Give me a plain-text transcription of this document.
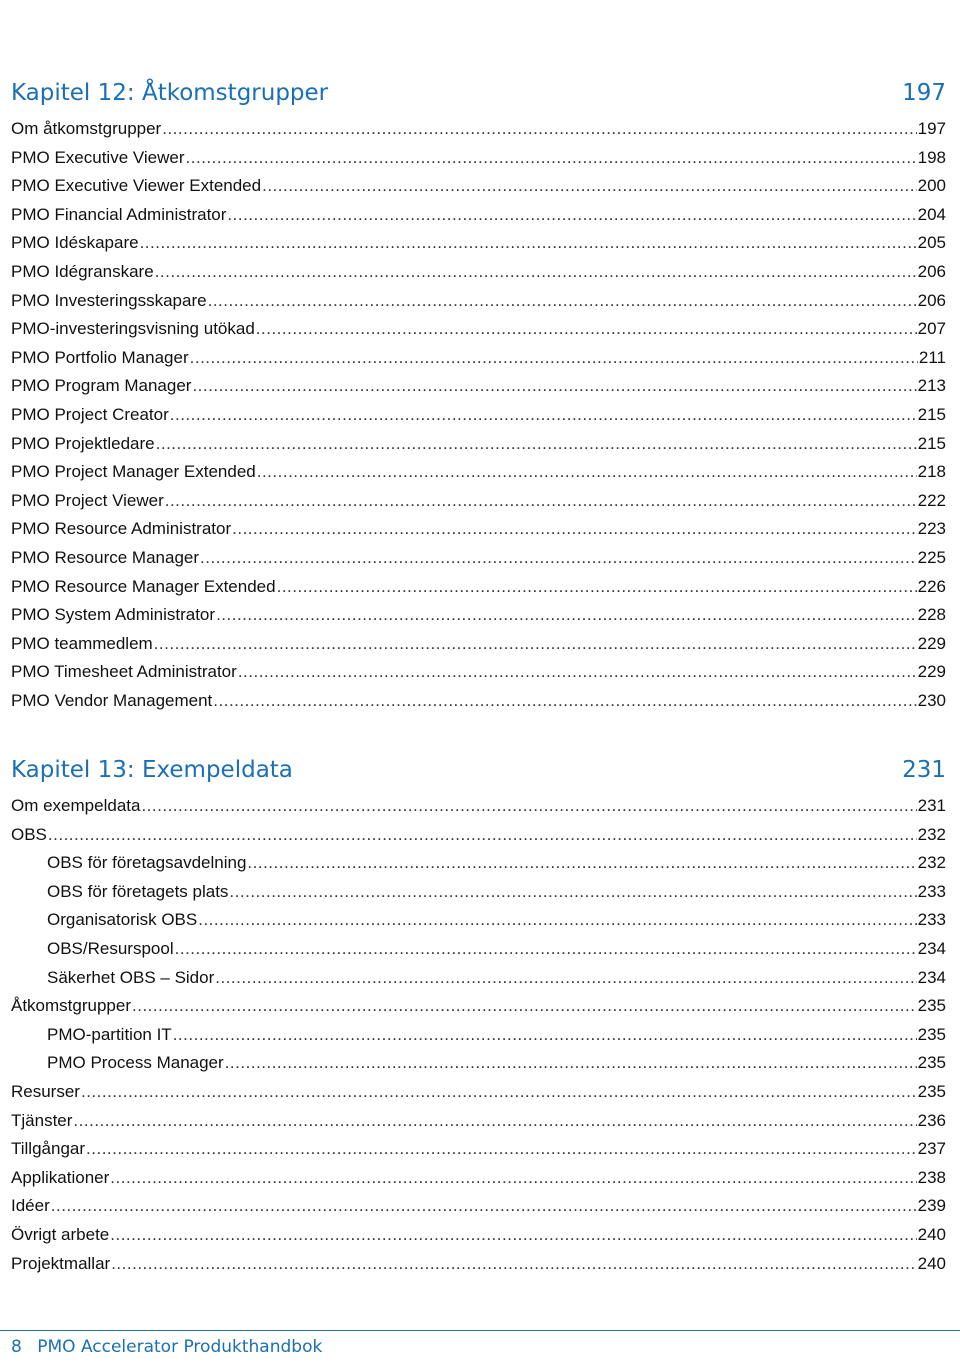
Kapitel 12: Åtkomstgrupper	197
Om åtkomstgrupper .....	197
PMO Executive Viewer .....	198
PMO Executive Viewer Extended .....	200
PMO Financial Administrator .....	204
PMO Idéskapare .....	205
PMO Idégranskare .....	206
PMO Investeringsskapare .....	206
PMO-investeringsvisning utökad .....	207
PMO Portfolio Manager .....	211
PMO Program Manager .....	213
PMO Project Creator .....	215
PMO Projektledare .....	215
PMO Project Manager Extended .....	218
PMO Project Viewer .....	222
PMO Resource Administrator .....	223
PMO Resource Manager .....	225
PMO Resource Manager Extended .....	226
PMO System Administrator .....	228
PMO teammedlem .....	229
PMO Timesheet Administrator .....	229
PMO Vendor Management .....	230
Kapitel 13: Exempeldata	231
Om exempeldata .....	231
OBS .....	232
OBS för företagsavdelning .....	232
OBS för företagets plats .....	233
Organisatorisk OBS .....	233
OBS/Resurspool .....	234
Säkerhet OBS – Sidor .....	234
Åtkomstgrupper .....	235
PMO-partition IT .....	235
PMO Process Manager .....	235
Resurser .....	235
Tjänster .....	236
Tillgångar .....	237
Applikationer .....	238
Idéer .....	239
Övrigt arbete .....	240
Projektmallar .....	240
8 PMO Accelerator Produkthandbok
